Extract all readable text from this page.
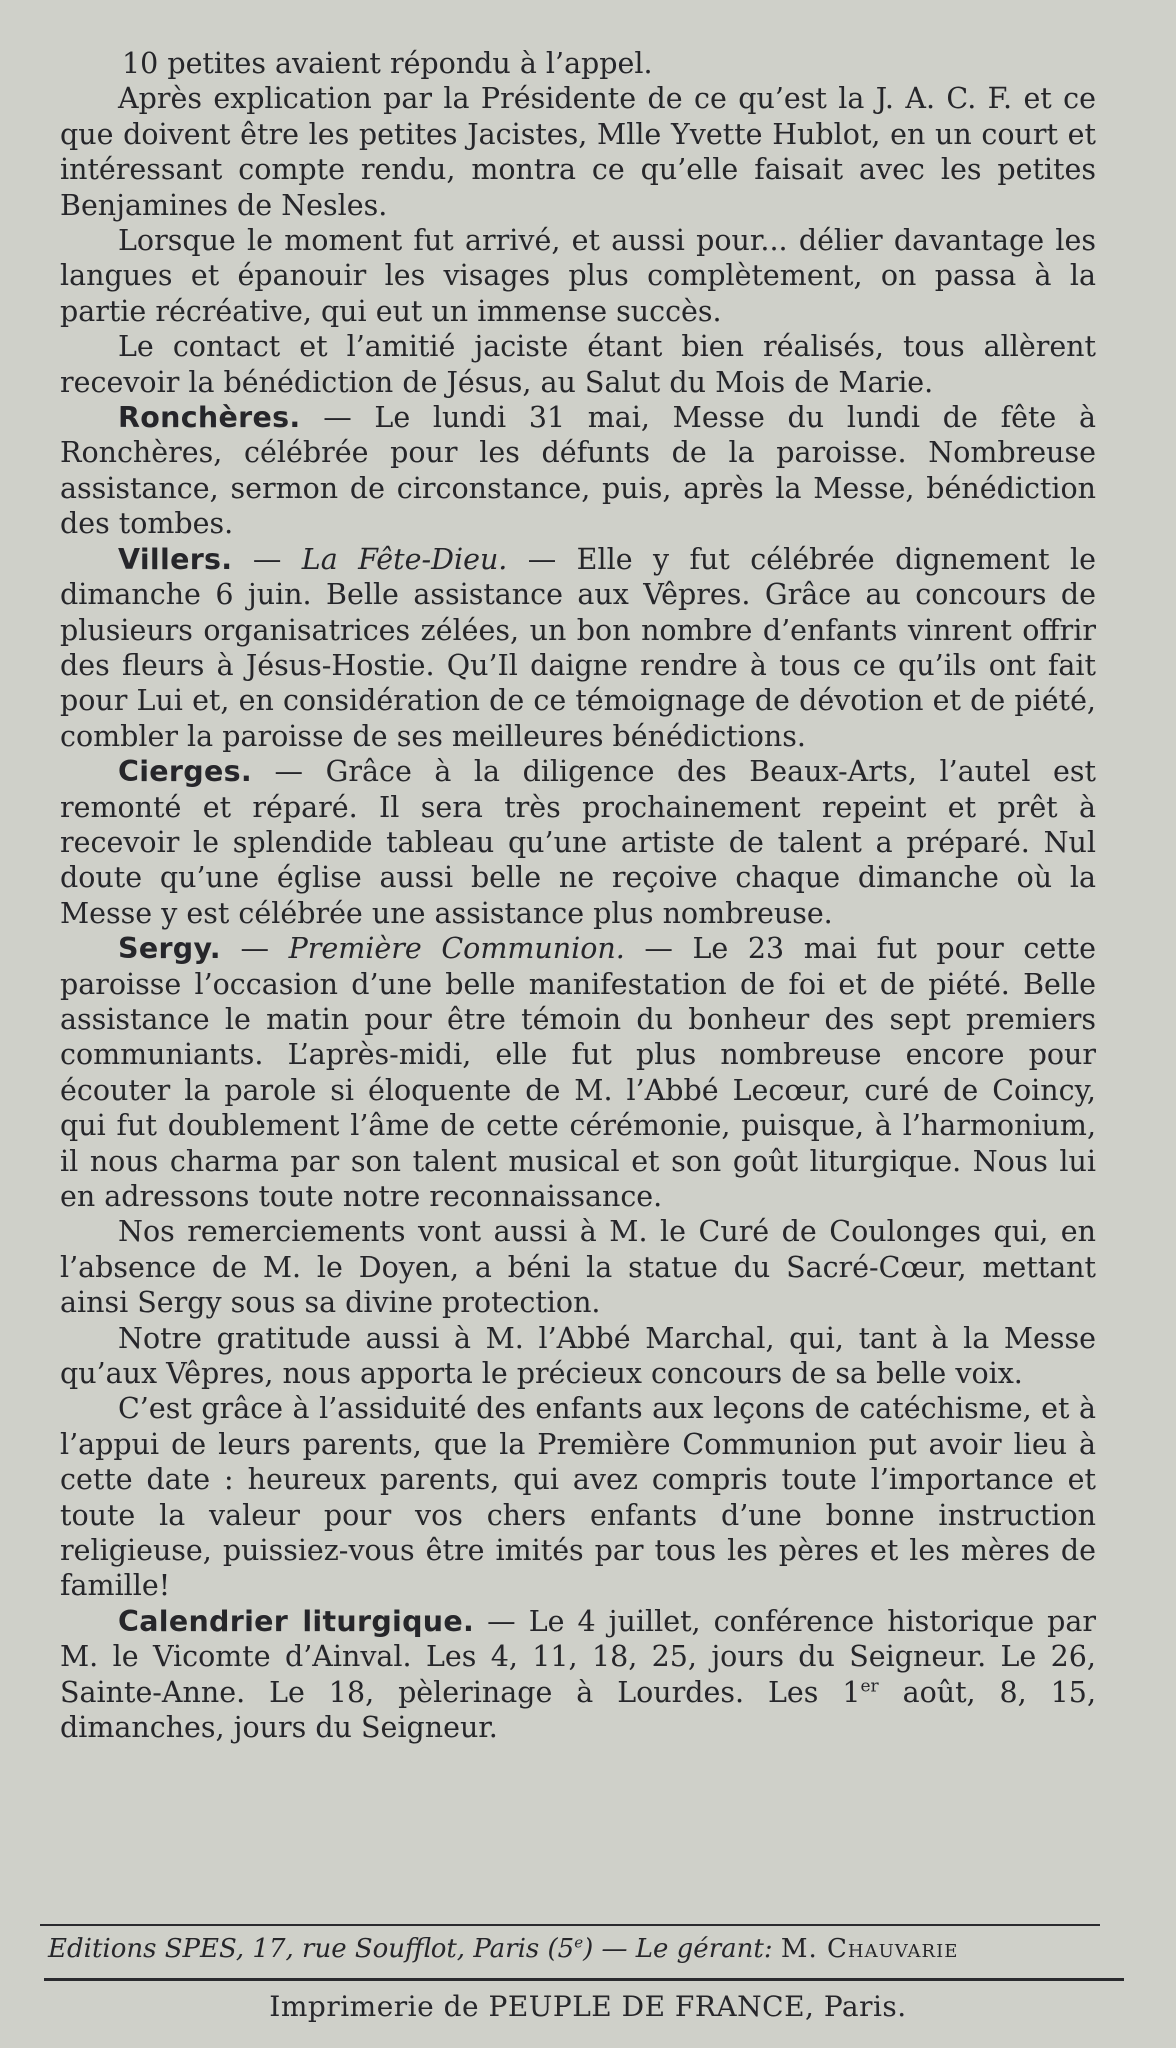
10 petites avaient répondu à l’appel.

Après explication par la Présidente de ce qu’est la J. A. C. F. et ce que doivent être les petites Jacistes, Mlle Yvette Hublot, en un court et intéressant compte rendu, montra ce qu’elle faisait avec les petites Benjamines de Nesles.

Lorsque le moment fut arrivé, et aussi pour... délier davantage les langues et épanouir les visages plus complètement, on passa à la partie récréative, qui eut un immense succès.

Le contact et l’amitié jaciste étant bien réalisés, tous allèrent recevoir la bénédiction de Jésus, au Salut du Mois de Marie.

Ronchères. — Le lundi 31 mai, Messe du lundi de fête à Ronchères, célébrée pour les défunts de la paroisse. Nombreuse assistance, sermon de circonstance, puis, après la Messe, bénédiction des tombes.

Villers. — La Fête-Dieu. — Elle y fut célébrée dignement le dimanche 6 juin. Belle assistance aux Vêpres. Grâce au concours de plusieurs organisatrices zélées, un bon nombre d’enfants vinrent offrir des fleurs à Jésus-Hostie. Qu’Il daigne rendre à tous ce qu’ils ont fait pour Lui et, en considération de ce témoignage de dévotion et de piété, combler la paroisse de ses meilleures bénédictions.

Cierges. — Grâce à la diligence des Beaux-Arts, l’autel est remonté et réparé. Il sera très prochainement repeint et prêt à recevoir le splendide tableau qu’une artiste de talent a préparé. Nul doute qu’une église aussi belle ne reçoive chaque dimanche où la Messe y est célébrée une assistance plus nombreuse.

Sergy. — Première Communion. — Le 23 mai fut pour cette paroisse l’occasion d’une belle manifestation de foi et de piété. Belle assistance le matin pour être témoin du bonheur des sept premiers communiants. L’après-midi, elle fut plus nombreuse encore pour écouter la parole si éloquente de M. l’Abbé Lecœur, curé de Coincy, qui fut doublement l’âme de cette cérémonie, puisque, à l’harmonium, il nous charma par son talent musical et son goût liturgique. Nous lui en adressons toute notre reconnaissance.

Nos remerciements vont aussi à M. le Curé de Coulonges qui, en l’absence de M. le Doyen, a béni la statue du Sacré-Cœur, mettant ainsi Sergy sous sa divine protection.

Notre gratitude aussi à M. l’Abbé Marchal, qui, tant à la Messe qu’aux Vêpres, nous apporta le précieux concours de sa belle voix.

C’est grâce à l’assiduité des enfants aux leçons de catéchisme, et à l’appui de leurs parents, que la Première Communion put avoir lieu à cette date : heureux parents, qui avez compris toute l’importance et toute la valeur pour vos chers enfants d’une bonne instruction religieuse, puissiez-vous être imités par tous les pères et les mères de famille!

Calendrier liturgique. — Le 4 juillet, conférence historique par M. le Vicomte d’Ainval. Les 4, 11, 18, 25, jours du Seigneur. Le 26, Sainte-Anne. Le 18, pèlerinage à Lourdes. Les 1er août, 8, 15, dimanches, jours du Seigneur.

Editions SPES, 17, rue Soufflot, Paris (5e) — Le gérant: M. Chauvarie
Imprimerie de PEUPLE DE FRANCE, Paris.
